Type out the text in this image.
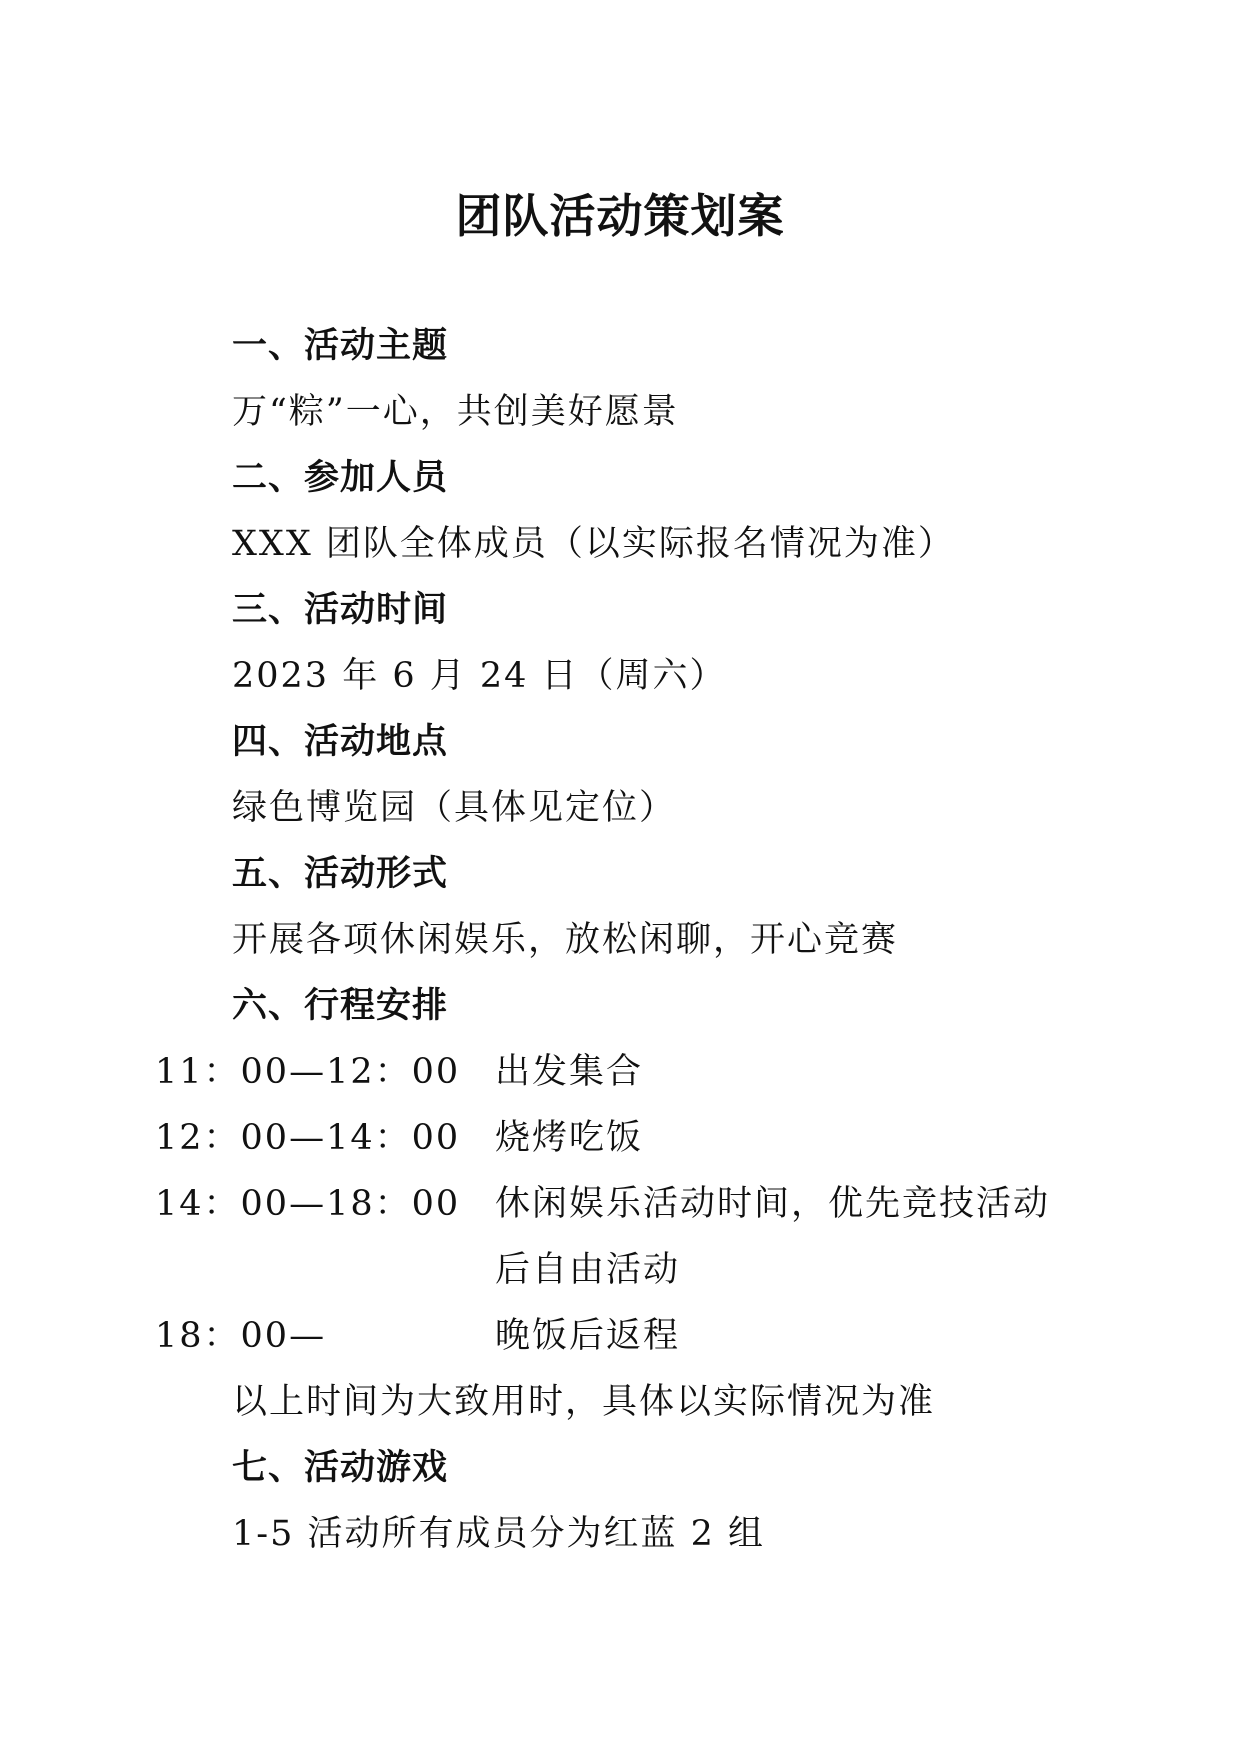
团队活动策划案
一、活动主题
万“粽”一心，共创美好愿景
二、参加人员
XXX 团队全体成员（以实际报名情况为准）
三、活动时间
2023 年 6 月 24 日（周六）
四、活动地点
绿色博览园（具体见定位）
五、活动形式
开展各项休闲娱乐，放松闲聊，开心竞赛
六、行程安排
11：00—12：00 出发集合
12：00—14：00 烧烤吃饭
14：00—18：00 休闲娱乐活动时间，优先竞技活动
后自由活动
18：00—	晚饭后返程
以上时间为大致用时，具体以实际情况为准
七、活动游戏
1-5 活动所有成员分为红蓝 2 组
